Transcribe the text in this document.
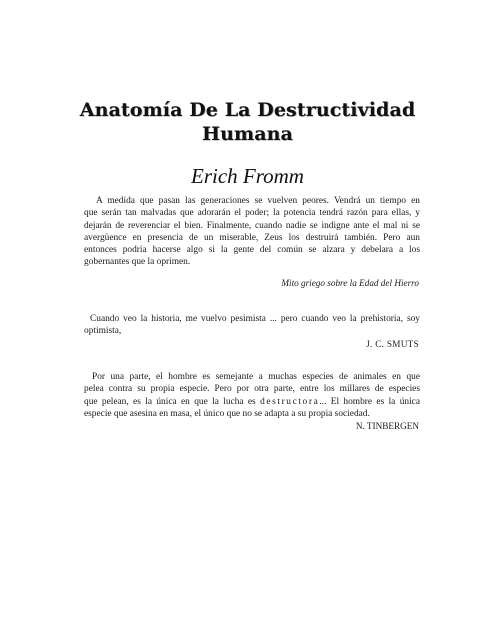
Anatomía De La Destructividad
Humana
Erich Fromm
A medida que pasan las generaciones se vuelven peores. Vendrá un tiempo en
que serán tan malvadas que adorarán el poder; la potencia tendrá razón para ellas, y
dejarán de reverenciar el bien. Finalmente, cuando nadie se indigne ante el mal ni se
avergüence en presencia de un miserable, Zeus los destruirá también. Pero aun
entonces podría hacerse algo si la gente del común se alzara y debelara a los
gobernantes que la oprimen.
Mito griego sobre la Edad del Hierro
Cuando veo la historia, me vuelvo pesimista ... pero cuando veo la prehistoria, soy
optimista,
J. C. SMUTS
Por una parte, el hombre es semejante a muchas especies de animales en que
pelea contra su propia especie. Pero por otra parte, entre los millares de especies
que pelean, es la única en que la lucha es destructora... El hombre es la única
especie que asesina en masa, el único que no se adapta a su propia sociedad.
N. TINBERGEN
